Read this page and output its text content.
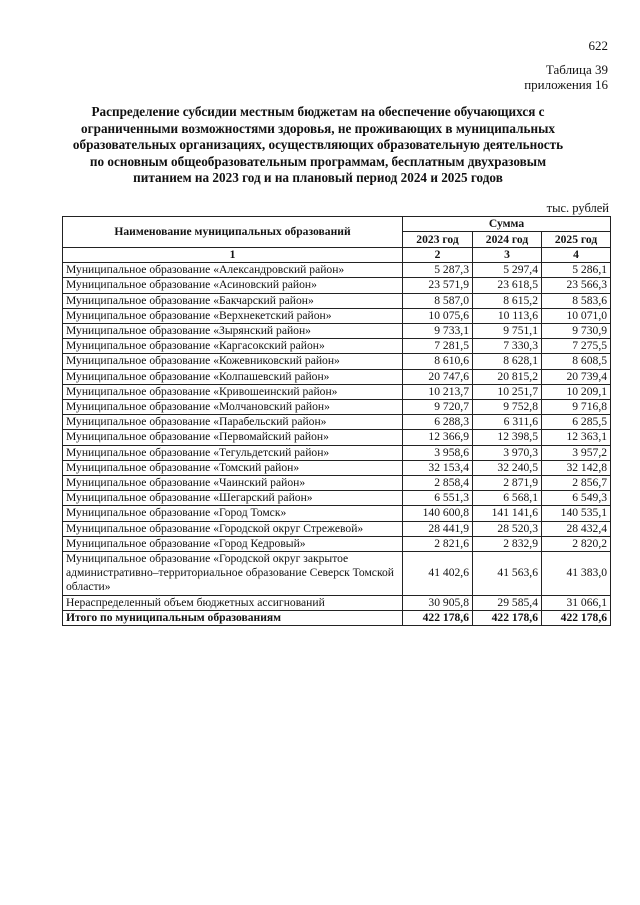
622
Таблица 39
приложения 16
Распределение субсидии местным бюджетам на обеспечение обучающихся с ограниченными возможностями здоровья, не проживающих в муниципальных образовательных организациях, осуществляющих образовательную деятельность по основным общеобразовательным программам, бесплатным двухразовым питанием на 2023 год и на плановый период 2024 и 2025 годов
тыс. рублей
Наименование муниципальных образований	Сумма		
	2023 год	2024 год	2025 год
1	2	3	4
Муниципальное образование «Александровский район»	5 287,3	5 297,4	5 286,1
Муниципальное образование «Асиновский район»	23 571,9	23 618,5	23 566,3
Муниципальное образование «Бакчарский район»	8 587,0	8 615,2	8 583,6
Муниципальное образование «Верхнекетский район»	10 075,6	10 113,6	10 071,0
Муниципальное образование «Зырянский район»	9 733,1	9 751,1	9 730,9
Муниципальное образование «Каргасокский район»	7 281,5	7 330,3	7 275,5
Муниципальное образование «Кожевниковский район»	8 610,6	8 628,1	8 608,5
Муниципальное образование «Колпашевский район»	20 747,6	20 815,2	20 739,4
Муниципальное образование «Кривошеинский район»	10 213,7	10 251,7	10 209,1
Муниципальное образование «Молчановский район»	9 720,7	9 752,8	9 716,8
Муниципальное образование «Парабельский район»	6 288,3	6 311,6	6 285,5
Муниципальное образование «Первомайский район»	12 366,9	12 398,5	12 363,1
Муниципальное образование «Тегульдетский район»	3 958,6	3 970,3	3 957,2
Муниципальное образование «Томский район»	32 153,4	32 240,5	32 142,8
Муниципальное образование «Чаинский район»	2 858,4	2 871,9	2 856,7
Муниципальное образование «Шегарский район»	6 551,3	6 568,1	6 549,3
Муниципальное образование «Город Томск»	140 600,8	141 141,6	140 535,1
Муниципальное образование «Городской округ Стрежевой»	28 441,9	28 520,3	28 432,4
Муниципальное образование «Город Кедровый»	2 821,6	2 832,9	2 820,2
Муниципальное образование «Городской округ закрытое административно–территориальное образование Северск Томской области»	41 402,6	41 563,6	41 383,0
Нераспределенный объем бюджетных ассигнований	30 905,8	29 585,4	31 066,1
Итого по муниципальным образованиям	422 178,6	422 178,6	422 178,6
